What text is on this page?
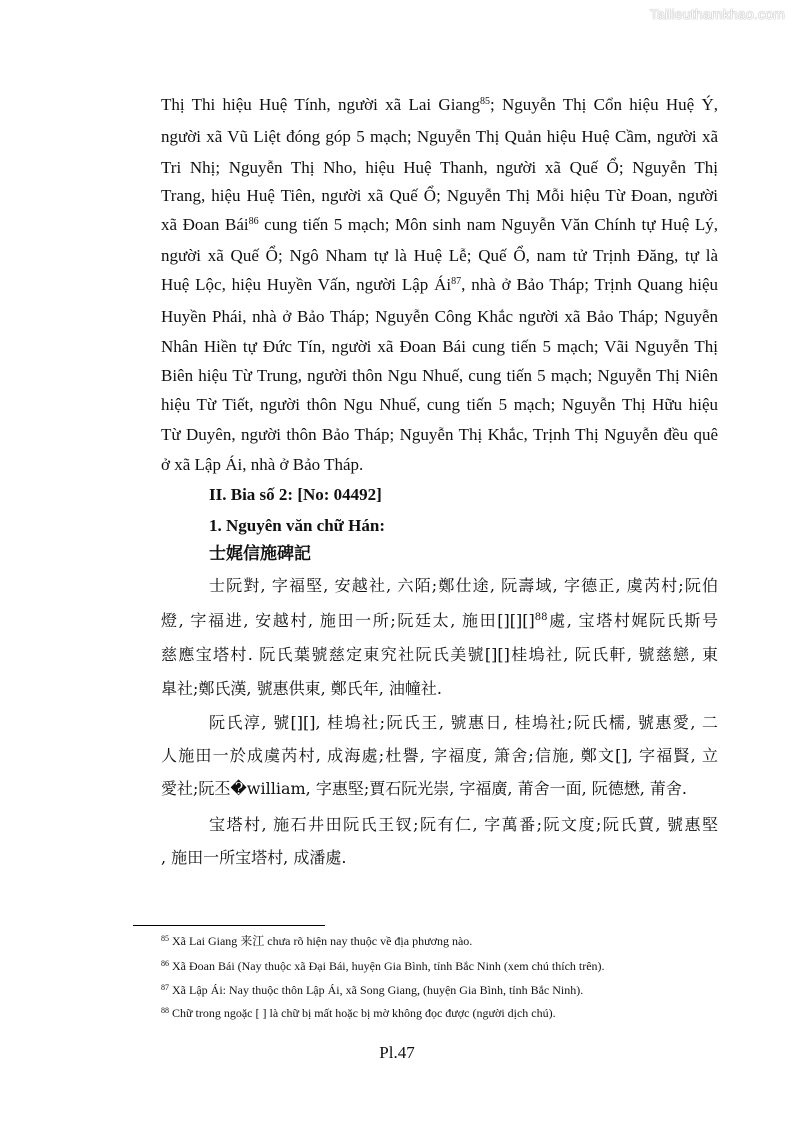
Tailieuthamkhao.com
Thị Thi hiệu Huệ Tính, người xã Lai Giang$^{85}$; Nguyễn Thị Cổn hiệu Huệ Ý,
người xã Vũ Liệt đóng góp 5 mạch; Nguyễn Thị Quản hiệu Huệ Cầm, người xã
Tri Nhị; Nguyễn Thị Nho, hiệu Huệ Thanh, người xã Quế Ổ; Nguyễn Thị
Trang, hiệu Huệ Tiên, người xã Quế Ổ; Nguyễn Thị Mỗi hiệu Từ Đoan, người
xã Đoan Bái$^{86}$ cung tiến 5 mạch; Môn sinh nam Nguyễn Văn Chính tự Huệ Lý,
người xã Quế Ổ; Ngô Nham tự là Huệ Lễ; Quế Ổ, nam tử Trịnh Đăng, tự là
Huệ Lộc, hiệu Huyền Vấn, người Lập $Ái^{87}$, nhà ở Bảo Tháp; Trịnh Quang hiệu
Huyền Phái, nhà ở Bảo Tháp; Nguyễn Công Khắc người xã Bảo Tháp; Nguyễn
Nhân Hiền tự Đức Tín, người xã Đoan Bái cung tiến 5 mạch; Vãi Nguyễn Thị
Biên hiệu Từ Trung, người thôn Ngu Nhuế, cung tiến 5 mạch; Nguyễn Thị Niên
hiệu Từ Tiết, người thôn Ngu Nhuế, cung tiến 5 mạch; Nguyễn Thị Hữu hiệu
Từ Duyên, người thôn Bảo Tháp; Nguyễn Thị Khắc, Trịnh Thị Nguyễn đều quê
ở xã Lập Ái, nhà ở Bảo Tháp.
II. Bia số 2: [No: 04492]
1. Nguyên văn chữ Hán:
士娓信施碑記
士阮對, 字福堅, 安越社, 六陌;鄭仕途, 阮壽域, 字德正, 虞芮村;阮伯
燈, 字福进, 安越村, 施田一所;阮廷太, 施田[][][]$^{88}$處, 宝塔村娓阮氏斯号
慈應宝塔村. 阮氏葉號慈定東究社阮氏美號[][]桂塢社, 阮氏軒, 號慈戀, 東
臯社;鄭氏漢, 號惠供東, 鄭氏年, 油幢社.
阮氏淳, 號[][], 桂塢社;阮氏王, 號惠日, 桂塢社;阮氏檽, 號惠愛, 二
人施田一於成虞芮村, 成海處;杜譽, 字福度, 箫舍;信施, 鄭文[], 字福賢, 立
愛社;阮丕�william, 字惠堅;賈石阮光崇, 字福廣, 莆舍一面, 阮德懋, 莆舍.
宝塔村, 施石井田阮氏王钗;阮有仁, 字萬番;阮文度;阮氏蕒, 號惠堅
, 施田一所宝塔村, 成潘處.
$^{85}$ Xã Lai Giang 来江 chưa rõ hiện nay thuộc về địa phương nào.
$^{86}$ Xã Đoan Bái (Nay thuộc xã Đại Bái, huyện Gia Bình, tỉnh Bắc Ninh (xem chú thích trên).
$^{87}$ Xã Lập Ái: Nay thuộc thôn Lập Ái, xã Song Giang, (huyện Gia Bình, tỉnh Bắc Ninh).
$^{88}$ Chữ trong ngoặc [ ] là chữ bị mất hoặc bị mờ không đọc được (người dịch chú).
Pl.47
